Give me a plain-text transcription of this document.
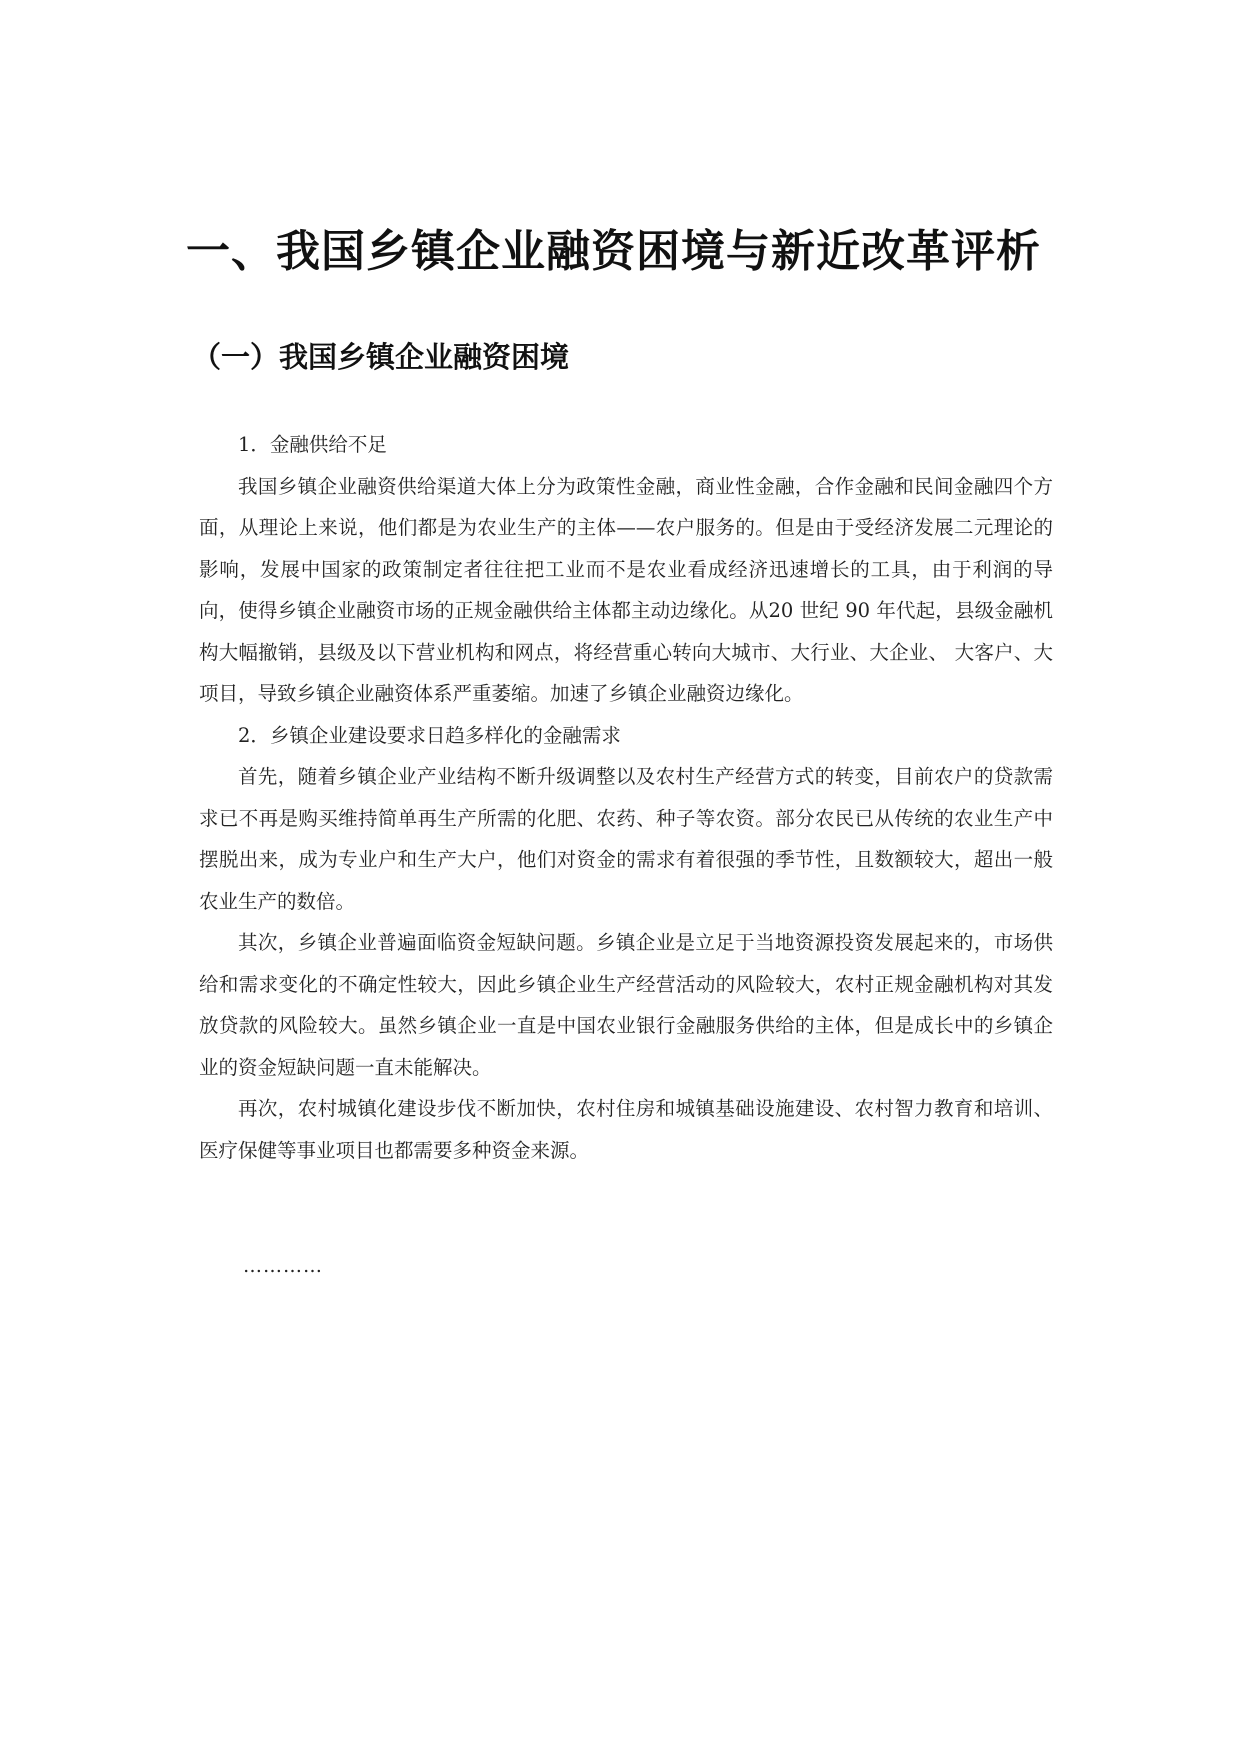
一、我国乡镇企业融资困境与新近改革评析
（一）我国乡镇企业融资困境

1．金融供给不足

我国乡镇企业融资供给渠道大体上分为政策性金融，商业性金融，合作金融和民间金融四个方面，从理论上来说，他们都是为农业生产的主体——农户服务的。但是由于受经济发展二元理论的影响，发展中国家的政策制定者往往把工业而不是农业看成经济迅速增长的工具，由于利润的导向，使得乡镇企业融资市场的正规金融供给主体都主动边缘化。从20 世纪 90 年代起，县级金融机构大幅撤销，县级及以下营业机构和网点，将经营重心转向大城市、大行业、大企业、 大客户、大项目，导致乡镇企业融资体系严重萎缩。加速了乡镇企业融资边缘化。

2．乡镇企业建设要求日趋多样化的金融需求

首先，随着乡镇企业产业结构不断升级调整以及农村生产经营方式的转变，目前农户的贷款需求已不再是购买维持简单再生产所需的化肥、农药、种子等农资。部分农民已从传统的农业生产中摆脱出来，成为专业户和生产大户，他们对资金的需求有着很强的季节性，且数额较大，超出一般农业生产的数倍。

其次，乡镇企业普遍面临资金短缺问题。乡镇企业是立足于当地资源投资发展起来的，市场供给和需求变化的不确定性较大，因此乡镇企业生产经营活动的风险较大，农村正规金融机构对其发放贷款的风险较大。虽然乡镇企业一直是中国农业银行金融服务供给的主体，但是成长中的乡镇企业的资金短缺问题一直未能解决。

再次，农村城镇化建设步伐不断加快，农村住房和城镇基础设施建设、农村智力教育和培训、医疗保健等事业项目也都需要多种资金来源。

…………
